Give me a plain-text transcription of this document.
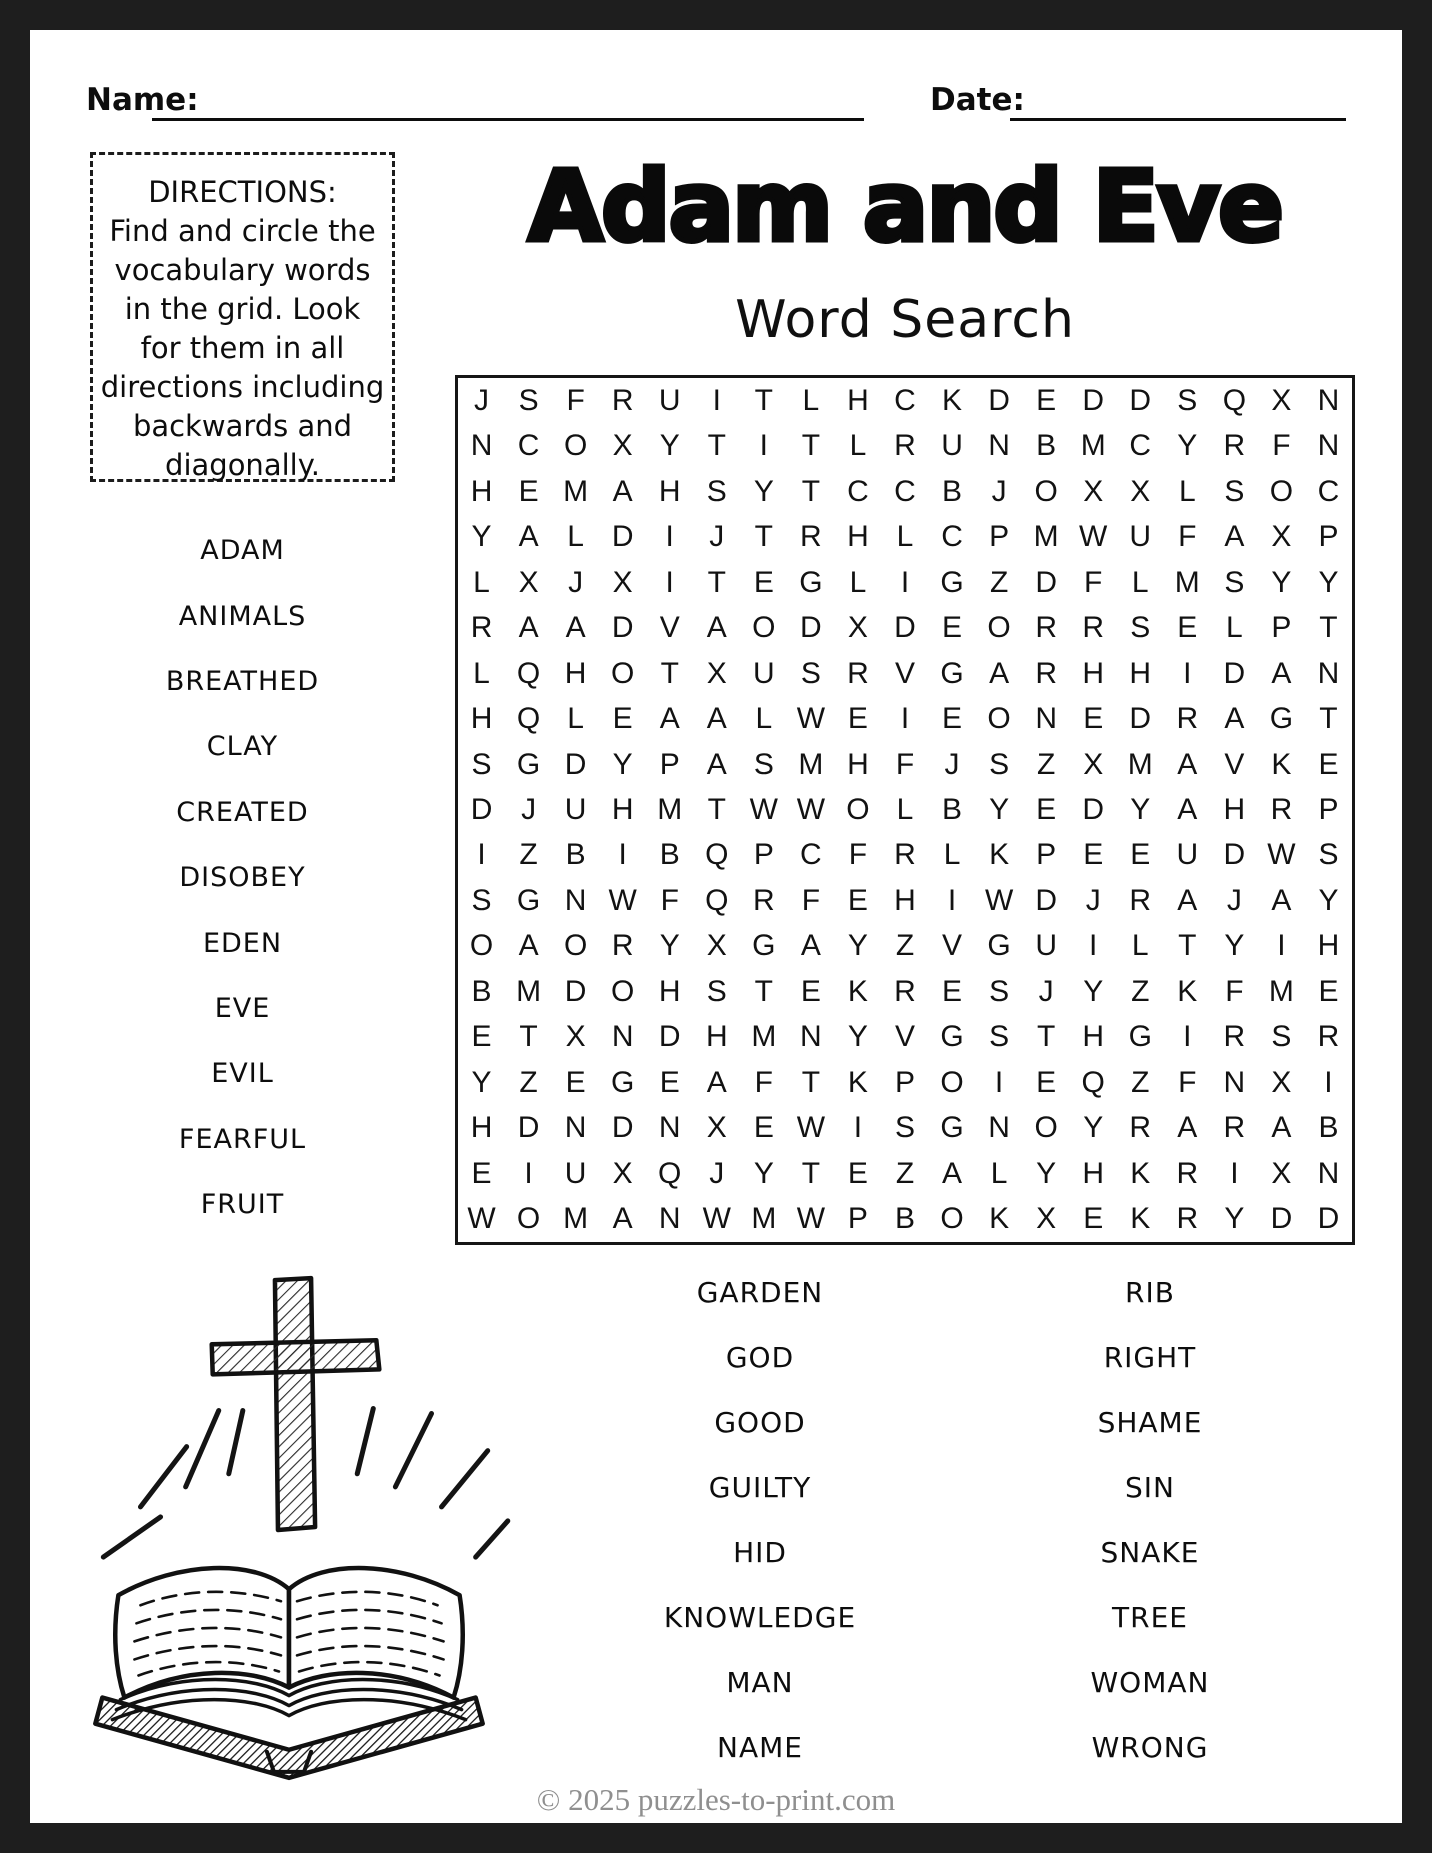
Name:	Date:
DIRECTIONS:
Find and circle the
vocabulary words
in the grid. Look
for them in all
directions including
backwards and
diagonally.
Adam and Eve
Word Search
J S F R U	I	T L H C K D E D D S Q X N
N C O X Y T	I	T L R U N B M C Y R F N
H E M A H S Y T C C B J O X X L S O C
Y A L D	I	J	T R H L C P M W U F A X P
L X J X	I	T E G L	I	G Z D F L M S Y Y
R A A D V A O D X D E O R R S E L P T
L Q H O T X U S R V G A R H H	I	D A N
H Q L E A A L W E	I	E O N E D R A G T
S G D Y P A S M H F	J S Z X M A V K E
D J U H M T W W O L B Y E D Y A H R P
I	Z B	I	B Q P C F R L K P E E U D W S
S G N W F Q R F E H	I W D J R A J A Y
O A O R Y X G A Y Z V G U	I	L T Y	I	H
B M D O H S T E K R E S J Y Z K F M E
E T X N D H M N Y V G S T H G	I	R S R
Y Z E G E A F T K P O	I	E Q Z F N X	I
H D N D N X E W I	S G N O Y R A R A B
E	I	U X Q J Y T E Z A L Y H K R	I	X N
W O M A N W M W P B O K X E K R Y D D
ADAM
ANIMALS
BREATHED
CLAY
CREATED
DISOBEY
EDEN
EVE
EVIL
FEARFUL
FRUIT
GARDEN
GOD
GOOD
GUILTY
HID
KNOWLEDGE
MAN
NAME
RIB
RIGHT
SHAME
SIN
SNAKE
TREE
WOMAN
WRONG
© 2025 puzzles-to-print.com
